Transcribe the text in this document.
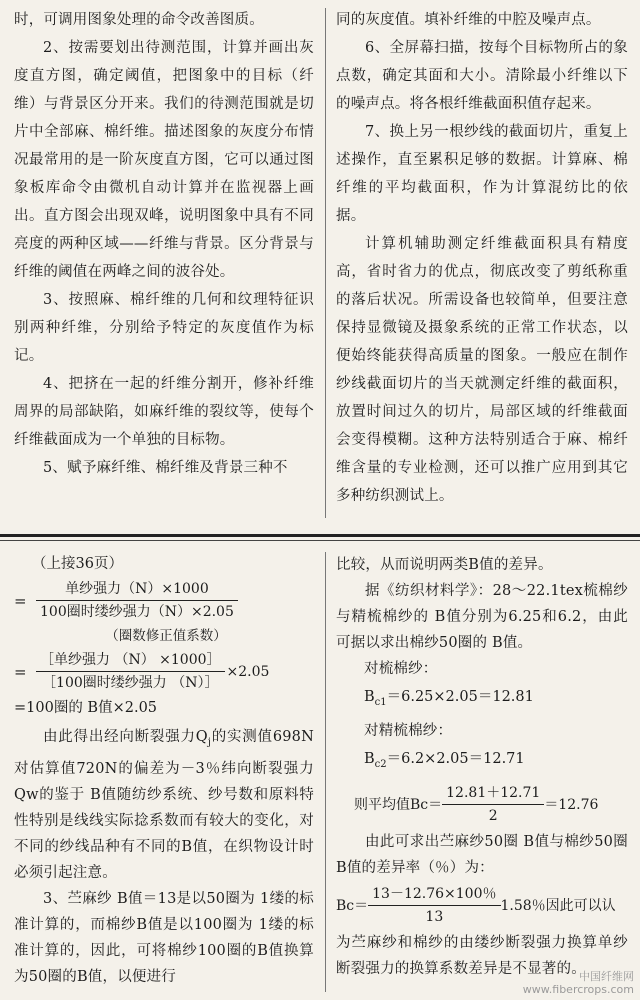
时，可调用图象处理的命令改善图质。

2、按需要划出待测范围，计算并画出灰度直方图，确定阈值，把图象中的目标（纤维）与背景区分开来。我们的待测范围就是切片中全部麻、棉纤维。描述图象的灰度分布情况最常用的是一阶灰度直方图，它可以通过图象板库命令由微机自动计算并在监视器上画出。直方图会出现双峰，说明图象中具有不同亮度的两种区域——纤维与背景。区分背景与纤维的阈值在两峰之间的波谷处。

3、按照麻、棉纤维的几何和纹理特征识别两种纤维，分别给予特定的灰度值作为标记。

4、把挤在一起的纤维分割开，修补纤维周界的局部缺陷，如麻纤维的裂纹等，使每个纤维截面成为一个单独的目标物。

5、赋予麻纤维、棉纤维及背景三种不

同的灰度值。填补纤维的中腔及噪声点。

6、全屏幕扫描，按每个目标物所占的象点数，确定其面和大小。清除最小纤维以下的噪声点。将各根纤维截面积值存起来。

7、换上另一根纱线的截面切片，重复上述操作，直至累积足够的数据。计算麻、棉纤维的平均截面积，作为计算混纺比的依据。

计算机辅助测定纤维截面积具有精度高，省时省力的优点，彻底改变了剪纸称重的落后状况。所需设备也较简单，但要注意保持显微镜及摄象系统的正常工作状态，以便始终能获得高质量的图象。一般应在制作纱线截面切片的当天就测定纤维的截面积，放置时间过久的切片，局部区域的纤维截面会变得模糊。这种方法特别适合于麻、棉纤维含量的专业检测，还可以推广应用到其它多种纺织测试上。

（上接36页）

= $\frac{\text{单纱强力（N）×1000}}{\text{100圈时缕纱强力（N）×2.05}}$
（圈数修正值系数）
= $\frac{\text{［单纱强力 （N） ×1000］}}{\text{［100圈时缕纱强力 （N）］}} \times 2.05$

=100圈的 B值×2.05

由此得出经向断裂强力$Q_j$的实测值698N对估算值720N的偏差为－3％纬向断裂强力Qw的鉴于 B值随纺纱系统、纱号数和原料特性特别是线线实际捻系数而有较大的变化，对不同的纱线品种有不同的B值，在织物设计时必须引起注意。

3、苎麻纱 B值＝13是以50圈为 1缕的标准计算的，而棉纱B值是以100圈为 1缕的标准计算的，因此，可将棉纱100圈的B值换算为50圈的B值，以便进行

比较，从而说明两类B值的差异。

据《纺织材料学》：28～22.1tex梳棉纱与精梳棉纱的 B值分别为6.25和6.2，由此可据以求出棉纱50圈的 B值。

对梳棉纱：

$B_{c1}=6.25\times 2.05=12.81$

对精梳棉纱：

$B_{c2}=6.2\times 2.05=12.71$

则平均值$Bc= \frac{12.81+12.71}{2} =12.76$

由此可求出苎麻纱50圈 B值与棉纱50圈 B值的差异率（％）为：

$Bc= \frac{13-12.76\times 100\%}{13} 1.58$％因此可以认

为苎麻纱和棉纱的由缕纱断裂强力换算单纱断裂强力的换算系数差异是不显著的。

中国纤维网
www.fibercrops.com
